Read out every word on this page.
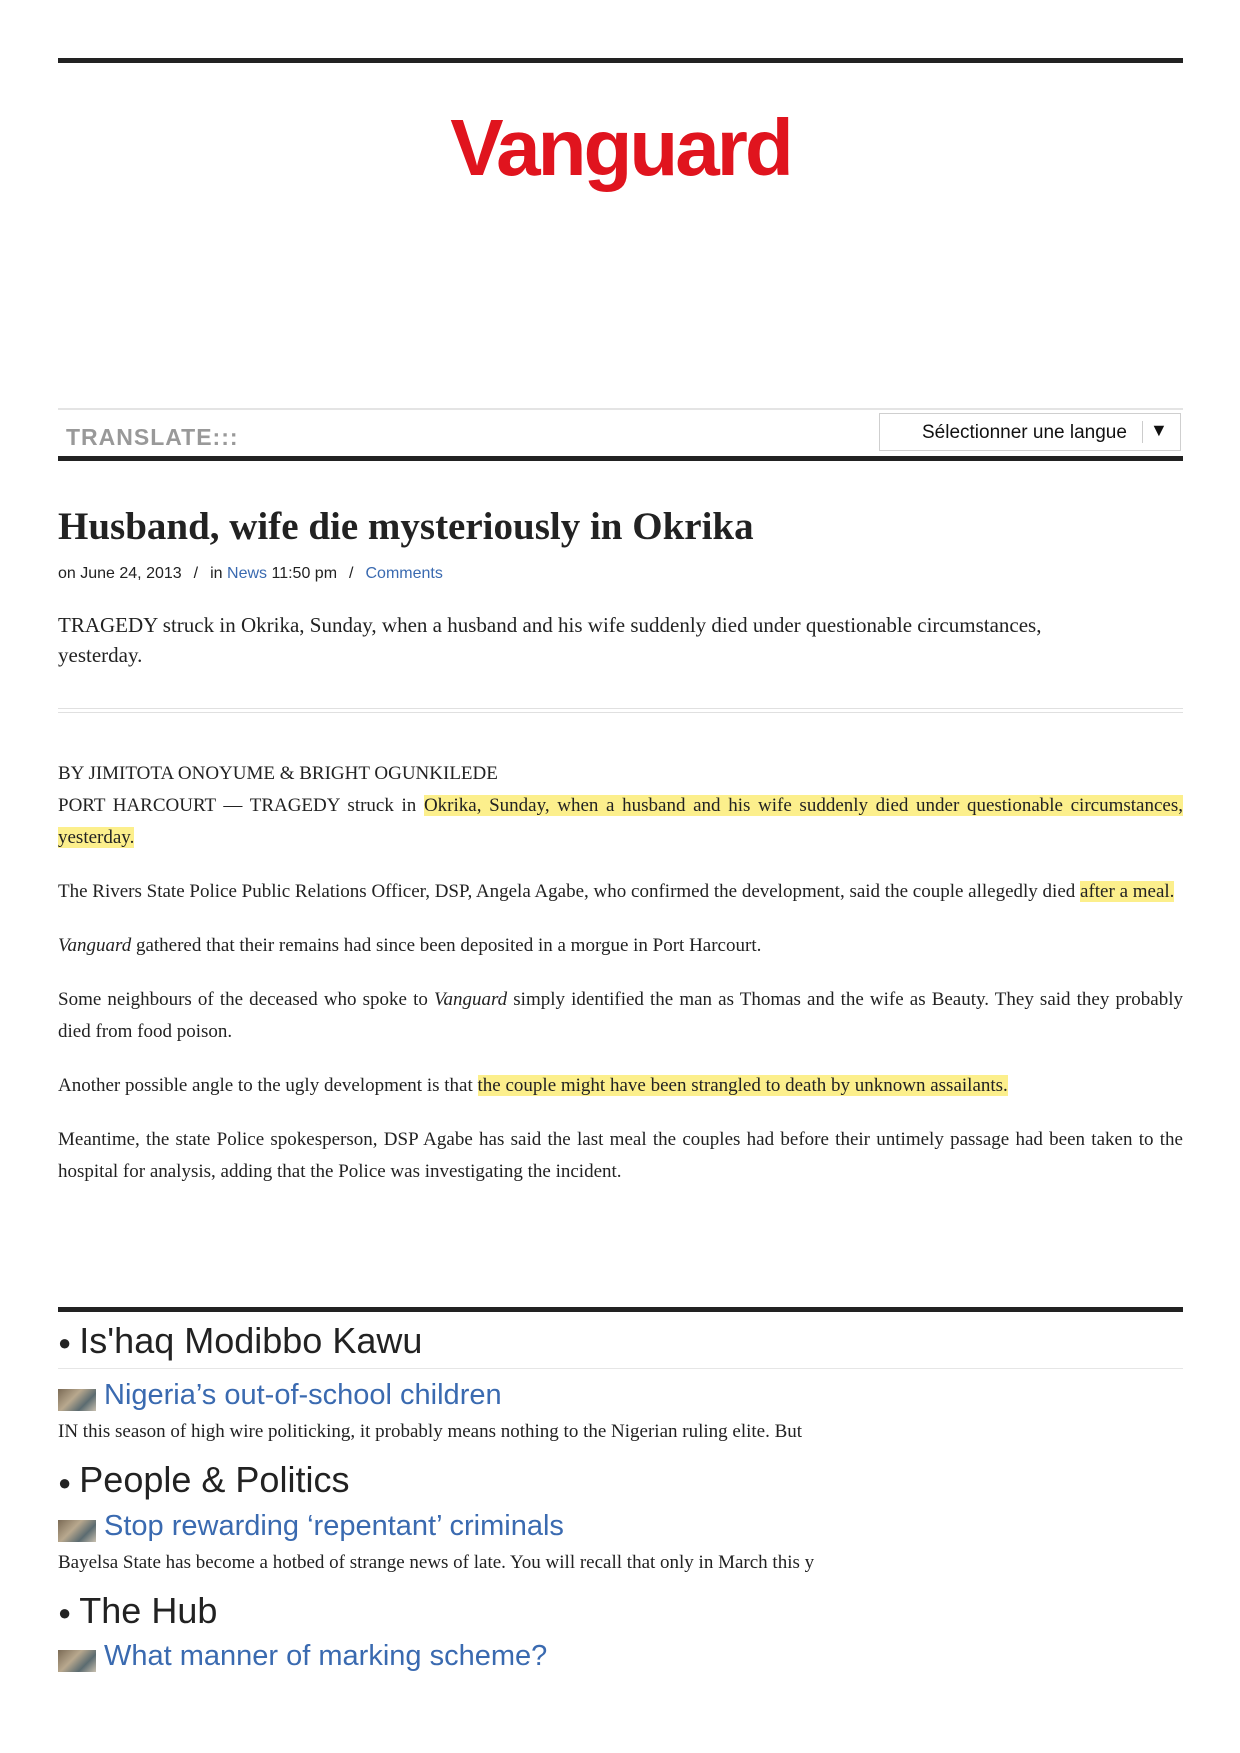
Vanguard
TRANSLATE:::	Sélectionner une langue ▼
Husband, wife die mysteriously in Okrika
on June 24, 2013 / in News 11:50 pm / Comments

TRAGEDY struck in Okrika, Sunday, when a husband and his wife suddenly died under questionable circumstances, yesterday.

BY JIMITOTA ONOYUME & BRIGHT OGUNKILEDE

PORT HARCOURT — TRAGEDY struck in Okrika, Sunday, when a husband and his wife suddenly died under questionable circumstances, yesterday.

The Rivers State Police Public Relations Officer, DSP, Angela Agabe, who confirmed the development, said the couple allegedly died after a meal.

Vanguard gathered that their remains had since been deposited in a morgue in Port Harcourt.

Some neighbours of the deceased who spoke to Vanguard simply identified the man as Thomas and the wife as Beauty. They said they probably died from food poison.

Another possible angle to the ugly development is that the couple might have been strangled to death by unknown assailants.

Meantime, the state Police spokesperson, DSP Agabe has said the last meal the couples had before their untimely passage had been taken to the hospital for analysis, adding that the Police was investigating the incident.

● Is'haq Modibbo Kawu
Nigeria’s out-of-school children
IN this season of high wire politicking, it probably means nothing to the Nigerian ruling elite. But
● People & Politics
Stop rewarding ‘repentant’ criminals
Bayelsa State has become a hotbed of strange news of late. You will recall that only in March this y
● The Hub
What manner of marking scheme?
